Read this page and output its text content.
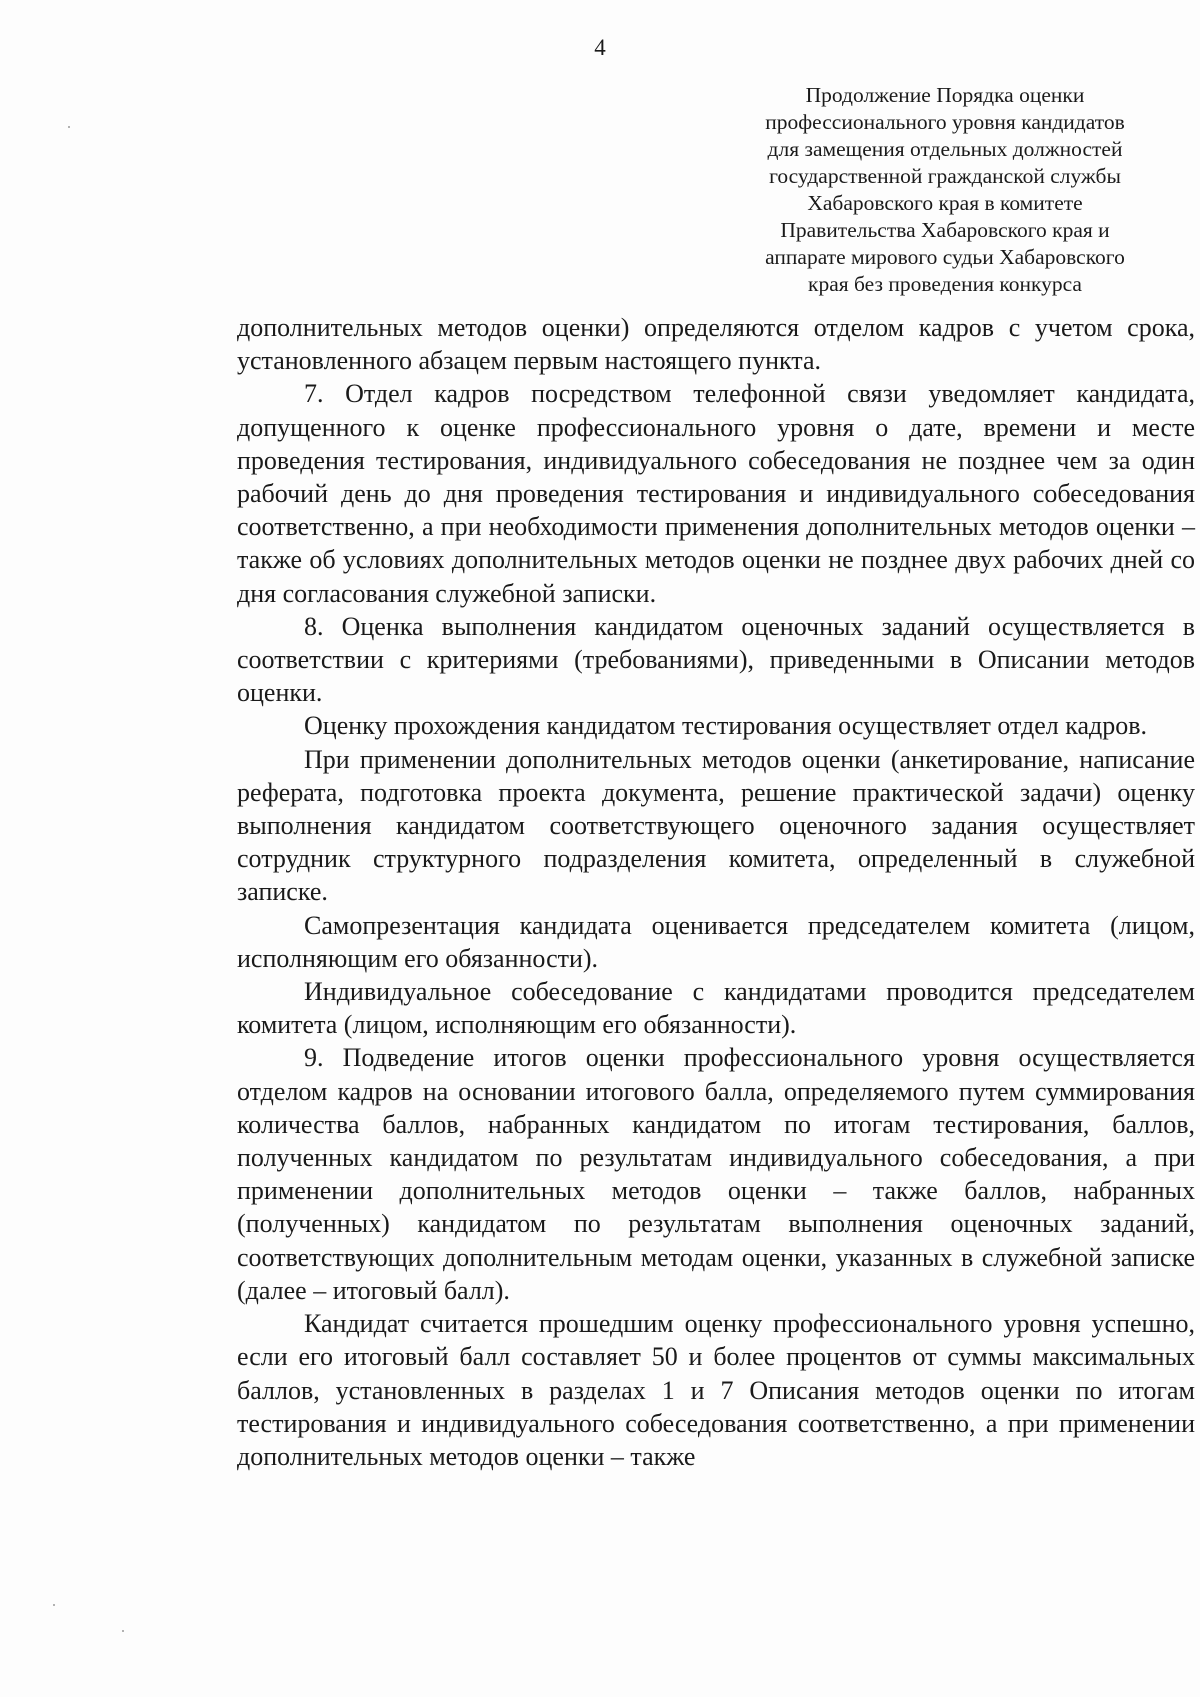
4
Продолжение Порядка оценки
профессионального уровня кандидатов
для замещения отдельных должностей
государственной гражданской службы
Хабаровского края в комитете
Правительства Хабаровского края и
аппарате мирового судьи Хабаровского
края без проведения конкурса

дополнительных методов оценки) определяются отделом кадров с учетом срока, установленного абзацем первым настоящего пункта.

7. Отдел кадров посредством телефонной связи уведомляет кандидата, допущенного к оценке профессионального уровня о дате, времени и месте проведения тестирования, индивидуального собеседования не позднее чем за один рабочий день до дня проведения тестирования и индивидуального собеседования соответственно, а при необходимости применения дополнительных методов оценки – также об условиях дополнительных методов оценки не позднее двух рабочих дней со дня согласования служебной записки.

8. Оценка выполнения кандидатом оценочных заданий осуществляется в соответствии с критериями (требованиями), приведенными в Описании методов оценки.

Оценку прохождения кандидатом тестирования осуществляет отдел кадров.

При применении дополнительных методов оценки (анкетирование, написание реферата, подготовка проекта документа, решение практической задачи) оценку выполнения кандидатом соответствующего оценочного задания осуществляет сотрудник структурного подразделения комитета, определенный в служебной записке.

Самопрезентация кандидата оценивается председателем комитета (лицом, исполняющим его обязанности).

Индивидуальное собеседование с кандидатами проводится председателем комитета (лицом, исполняющим его обязанности).

9. Подведение итогов оценки профессионального уровня осуществляется отделом кадров на основании итогового балла, определяемого путем суммирования количества баллов, набранных кандидатом по итогам тестирования, баллов, полученных кандидатом по результатам индивидуального собеседования, а при применении дополнительных методов оценки – также баллов, набранных (полученных) кандидатом по результатам выполнения оценочных заданий, соответствующих дополнительным методам оценки, указанных в служебной записке (далее – итоговый балл).

Кандидат считается прошедшим оценку профессионального уровня успешно, если его итоговый балл составляет 50 и более процентов от суммы максимальных баллов, установленных в разделах 1 и 7 Описания методов оценки по итогам тестирования и индивидуального собеседования соответственно, а при применении дополнительных методов оценки – также
